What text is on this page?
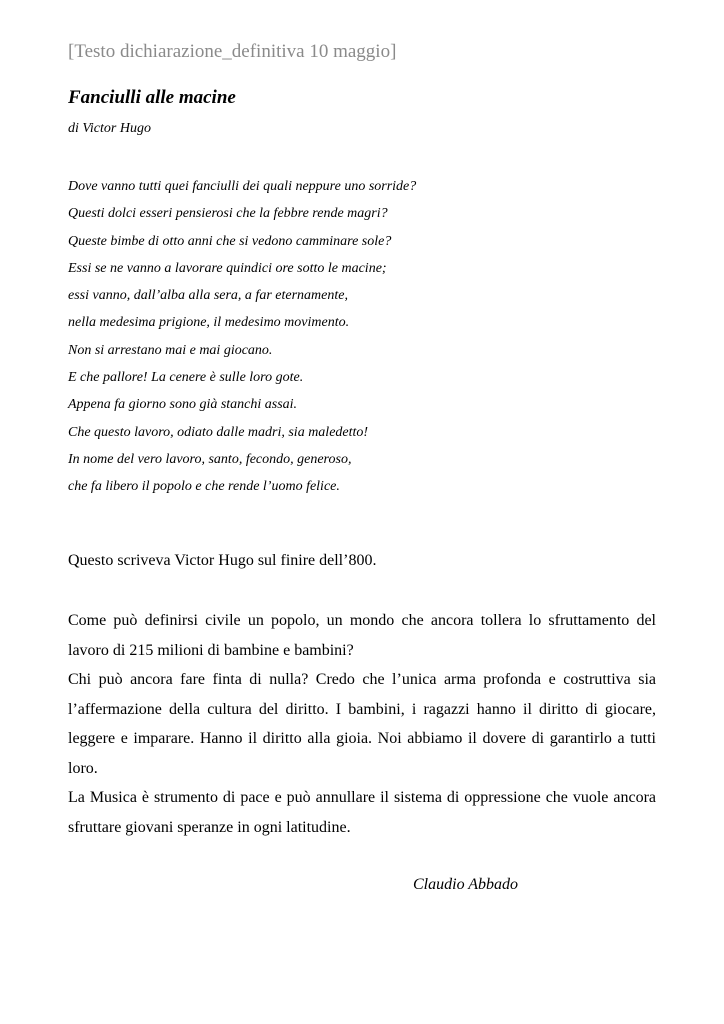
[Testo dichiarazione_definitiva 10 maggio]
Fanciulli alle macine
di Victor Hugo
Dove vanno tutti quei fanciulli dei quali neppure uno sorride?
Questi dolci esseri pensierosi che la febbre rende magri?
Queste bimbe di otto anni che si vedono camminare sole?
Essi se ne vanno a lavorare quindici ore sotto le macine;
essi vanno, dall’alba alla sera, a far eternamente,
nella medesima prigione, il medesimo movimento.
Non si arrestano mai e mai giocano.
E che pallore! La cenere è sulle loro gote.
Appena fa giorno sono già stanchi assai.
Che questo lavoro, odiato dalle madri, sia maledetto!
In nome del vero lavoro, santo, fecondo, generoso,
che fa libero il popolo e che rende l’uomo felice.
Questo scriveva Victor Hugo sul finire dell’800.

Come può definirsi civile un popolo, un mondo che ancora tollera lo sfruttamento del lavoro di 215 milioni di bambine e bambini?

Chi può ancora fare finta di nulla? Credo che l’unica arma profonda e costruttiva sia l’affermazione della cultura del diritto. I bambini, i ragazzi hanno il diritto di giocare, leggere e imparare. Hanno il diritto alla gioia. Noi abbiamo il dovere di garantirlo a tutti loro.

La Musica è strumento di pace e può annullare il sistema di oppressione che vuole ancora sfruttare giovani speranze in ogni latitudine.

Claudio Abbado
